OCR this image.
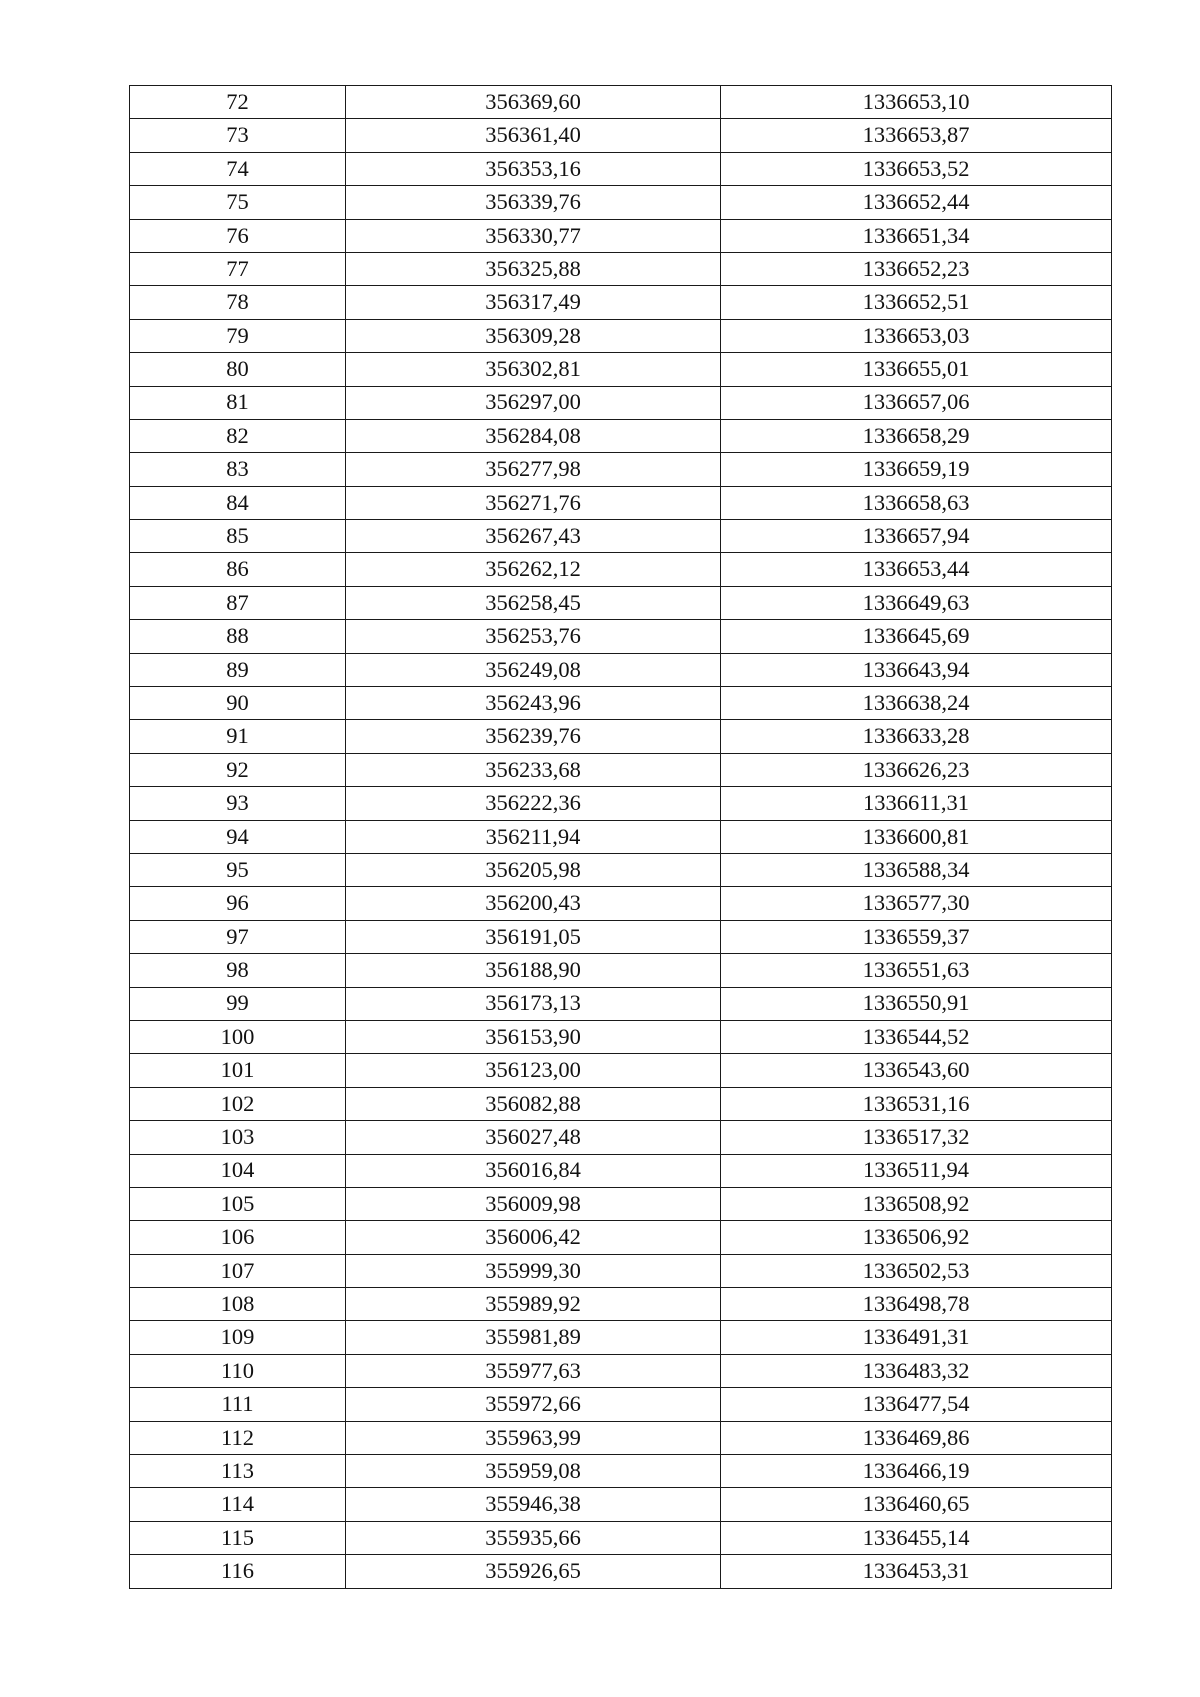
72	356369,60	1336653,10
73	356361,40	1336653,87
74	356353,16	1336653,52
75	356339,76	1336652,44
76	356330,77	1336651,34
77	356325,88	1336652,23
78	356317,49	1336652,51
79	356309,28	1336653,03
80	356302,81	1336655,01
81	356297,00	1336657,06
82	356284,08	1336658,29
83	356277,98	1336659,19
84	356271,76	1336658,63
85	356267,43	1336657,94
86	356262,12	1336653,44
87	356258,45	1336649,63
88	356253,76	1336645,69
89	356249,08	1336643,94
90	356243,96	1336638,24
91	356239,76	1336633,28
92	356233,68	1336626,23
93	356222,36	1336611,31
94	356211,94	1336600,81
95	356205,98	1336588,34
96	356200,43	1336577,30
97	356191,05	1336559,37
98	356188,90	1336551,63
99	356173,13	1336550,91
100	356153,90	1336544,52
101	356123,00	1336543,60
102	356082,88	1336531,16
103	356027,48	1336517,32
104	356016,84	1336511,94
105	356009,98	1336508,92
106	356006,42	1336506,92
107	355999,30	1336502,53
108	355989,92	1336498,78
109	355981,89	1336491,31
110	355977,63	1336483,32
111	355972,66	1336477,54
112	355963,99	1336469,86
113	355959,08	1336466,19
114	355946,38	1336460,65
115	355935,66	1336455,14
116	355926,65	1336453,31
